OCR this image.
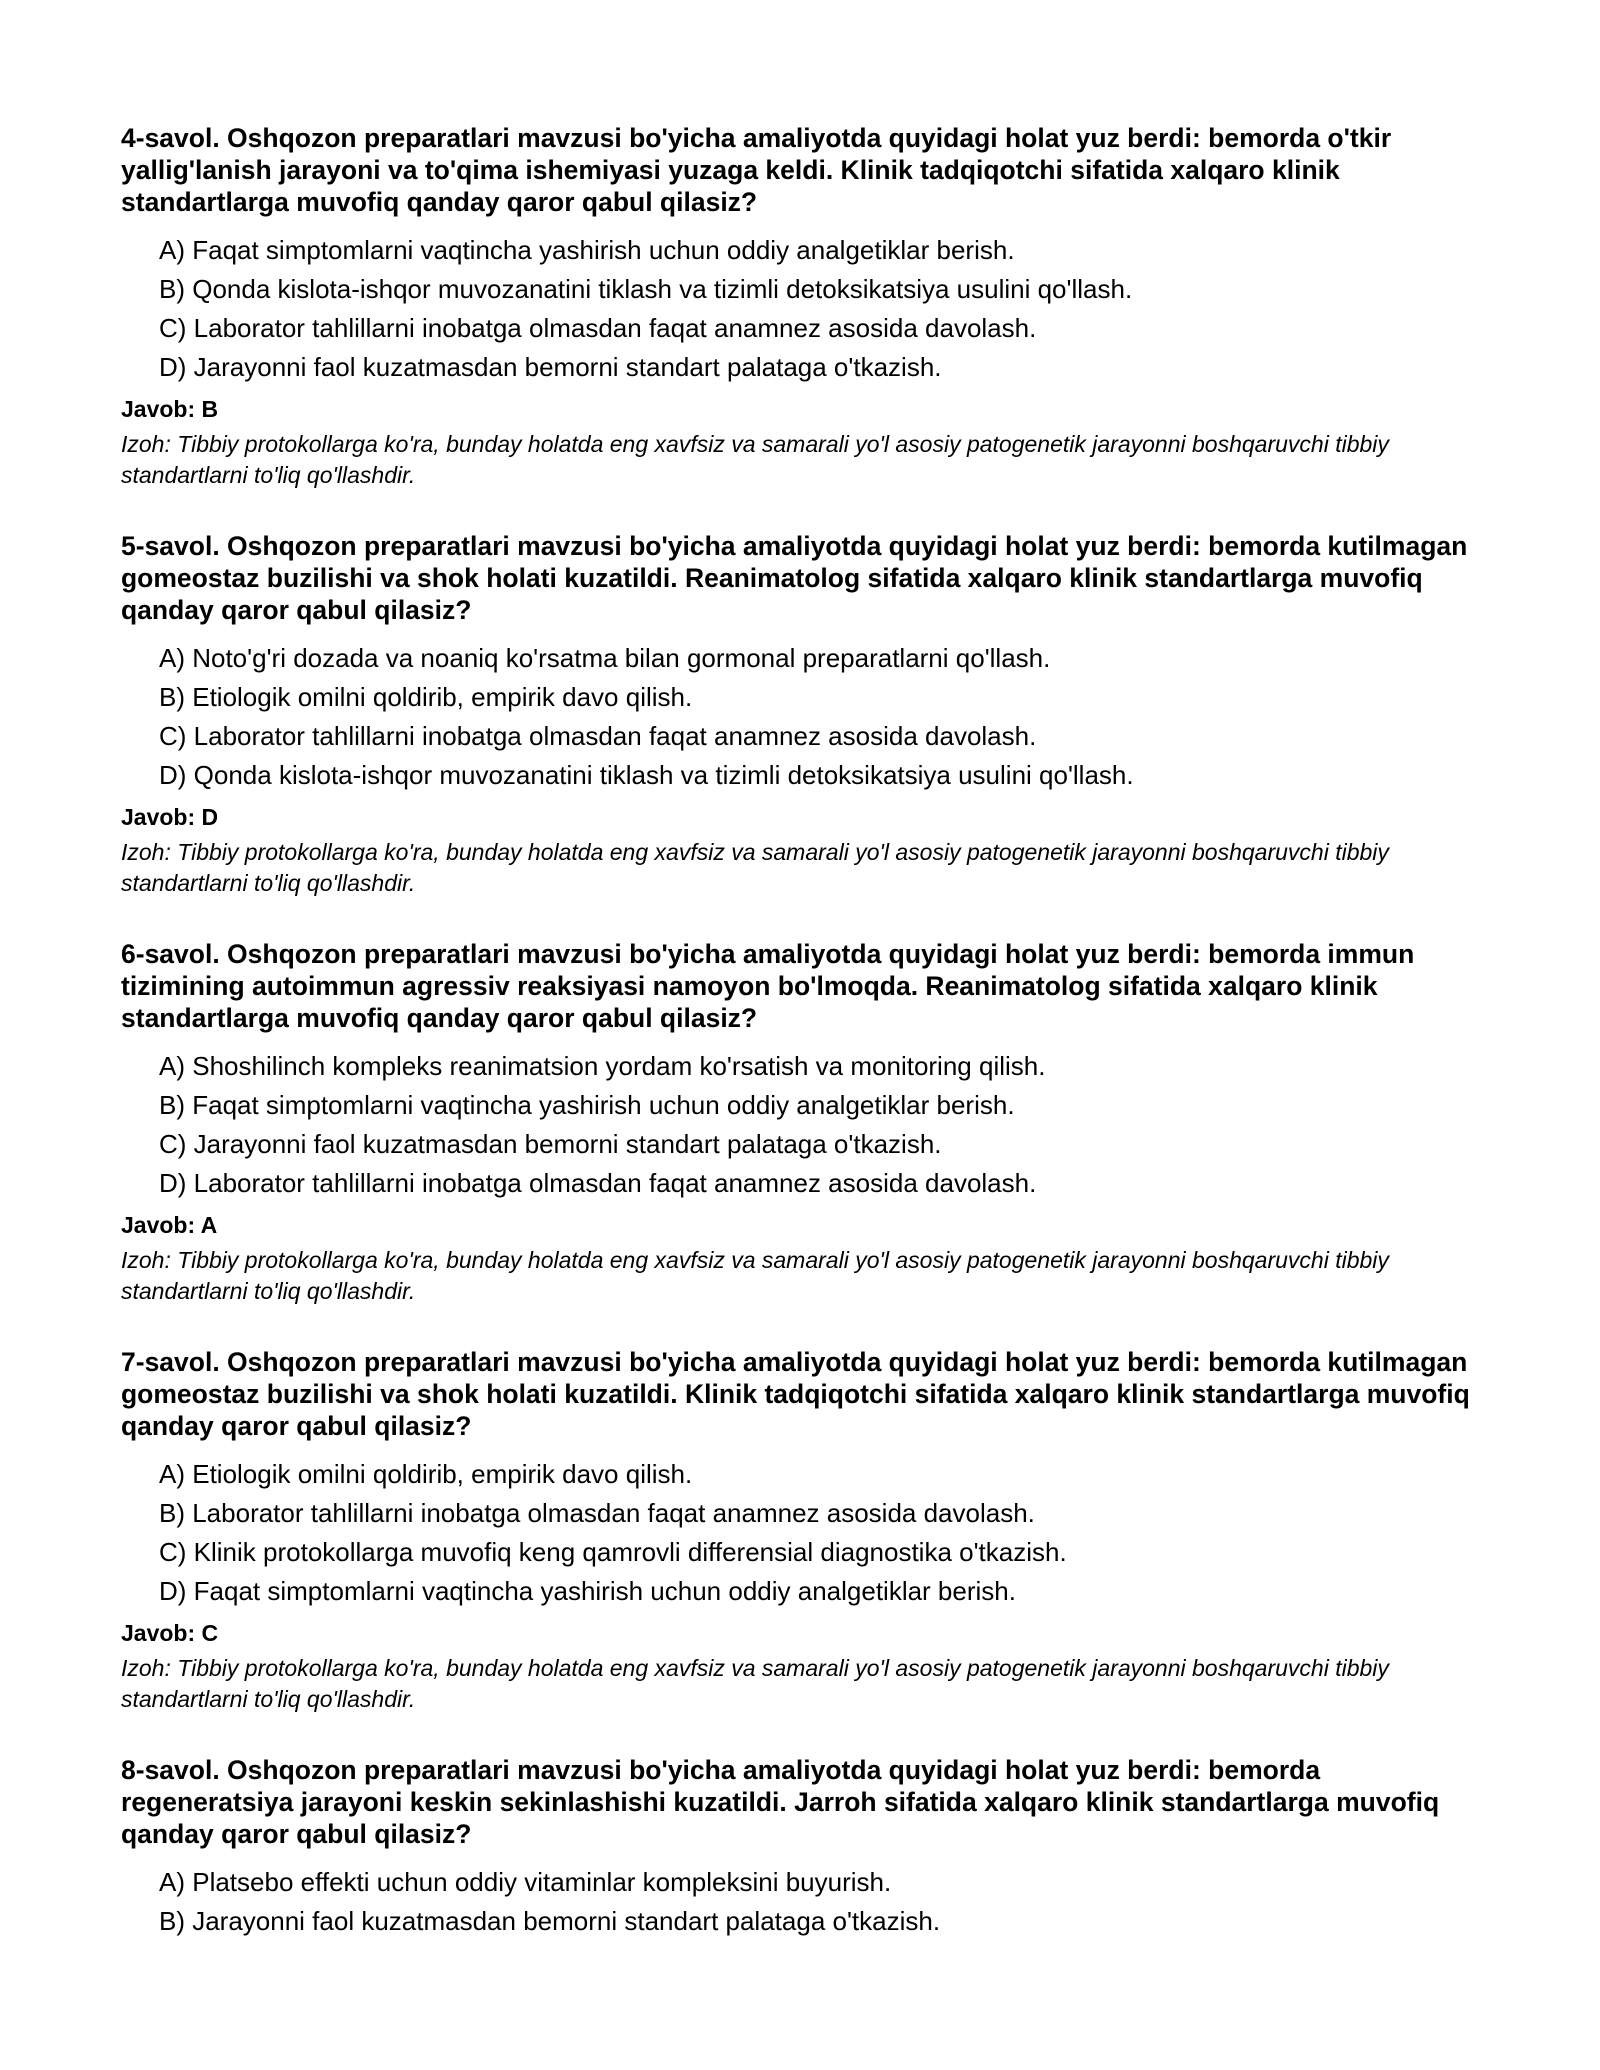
4-savol. Oshqozon preparatlari mavzusi bo'yicha amaliyotda quyidagi holat yuz berdi: bemorda o'tkir yallig'lanish jarayoni va to'qima ishemiyasi yuzaga keldi. Klinik tadqiqotchi sifatida xalqaro klinik standartlarga muvofiq qanday qaror qabul qilasiz?

A) Faqat simptomlarni vaqtincha yashirish uchun oddiy analgetiklar berish.
B) Qonda kislota-ishqor muvozanatini tiklash va tizimli detoksikatsiya usulini qo'llash.
C) Laborator tahlillarni inobatga olmasdan faqat anamnez asosida davolash.
D) Jarayonni faol kuzatmasdan bemorni standart palataga o'tkazish.

Javob: B

Izoh: Tibbiy protokollarga ko'ra, bunday holatda eng xavfsiz va samarali yo'l asosiy patogenetik jarayonni boshqaruvchi tibbiy standartlarni to'liq qo'llashdir.

5-savol. Oshqozon preparatlari mavzusi bo'yicha amaliyotda quyidagi holat yuz berdi: bemorda kutilmagan gomeostaz buzilishi va shok holati kuzatildi. Reanimatolog sifatida xalqaro klinik standartlarga muvofiq qanday qaror qabul qilasiz?

A) Noto'g'ri dozada va noaniq ko'rsatma bilan gormonal preparatlarni qo'llash.
B) Etiologik omilni qoldirib, empirik davo qilish.
C) Laborator tahlillarni inobatga olmasdan faqat anamnez asosida davolash.
D) Qonda kislota-ishqor muvozanatini tiklash va tizimli detoksikatsiya usulini qo'llash.

Javob: D

Izoh: Tibbiy protokollarga ko'ra, bunday holatda eng xavfsiz va samarali yo'l asosiy patogenetik jarayonni boshqaruvchi tibbiy standartlarni to'liq qo'llashdir.

6-savol. Oshqozon preparatlari mavzusi bo'yicha amaliyotda quyidagi holat yuz berdi: bemorda immun tizimining autoimmun agressiv reaksiyasi namoyon bo'lmoqda. Reanimatolog sifatida xalqaro klinik standartlarga muvofiq qanday qaror qabul qilasiz?

A) Shoshilinch kompleks reanimatsion yordam ko'rsatish va monitoring qilish.
B) Faqat simptomlarni vaqtincha yashirish uchun oddiy analgetiklar berish.
C) Jarayonni faol kuzatmasdan bemorni standart palataga o'tkazish.
D) Laborator tahlillarni inobatga olmasdan faqat anamnez asosida davolash.

Javob: A

Izoh: Tibbiy protokollarga ko'ra, bunday holatda eng xavfsiz va samarali yo'l asosiy patogenetik jarayonni boshqaruvchi tibbiy standartlarni to'liq qo'llashdir.

7-savol. Oshqozon preparatlari mavzusi bo'yicha amaliyotda quyidagi holat yuz berdi: bemorda kutilmagan gomeostaz buzilishi va shok holati kuzatildi. Klinik tadqiqotchi sifatida xalqaro klinik standartlarga muvofiq qanday qaror qabul qilasiz?

A) Etiologik omilni qoldirib, empirik davo qilish.
B) Laborator tahlillarni inobatga olmasdan faqat anamnez asosida davolash.
C) Klinik protokollarga muvofiq keng qamrovli differensial diagnostika o'tkazish.
D) Faqat simptomlarni vaqtincha yashirish uchun oddiy analgetiklar berish.

Javob: C

Izoh: Tibbiy protokollarga ko'ra, bunday holatda eng xavfsiz va samarali yo'l asosiy patogenetik jarayonni boshqaruvchi tibbiy standartlarni to'liq qo'llashdir.

8-savol. Oshqozon preparatlari mavzusi bo'yicha amaliyotda quyidagi holat yuz berdi: bemorda regeneratsiya jarayoni keskin sekinlashishi kuzatildi. Jarroh sifatida xalqaro klinik standartlarga muvofiq qanday qaror qabul qilasiz?

A) Platsebo effekti uchun oddiy vitaminlar kompleksini buyurish.
B) Jarayonni faol kuzatmasdan bemorni standart palataga o'tkazish.
